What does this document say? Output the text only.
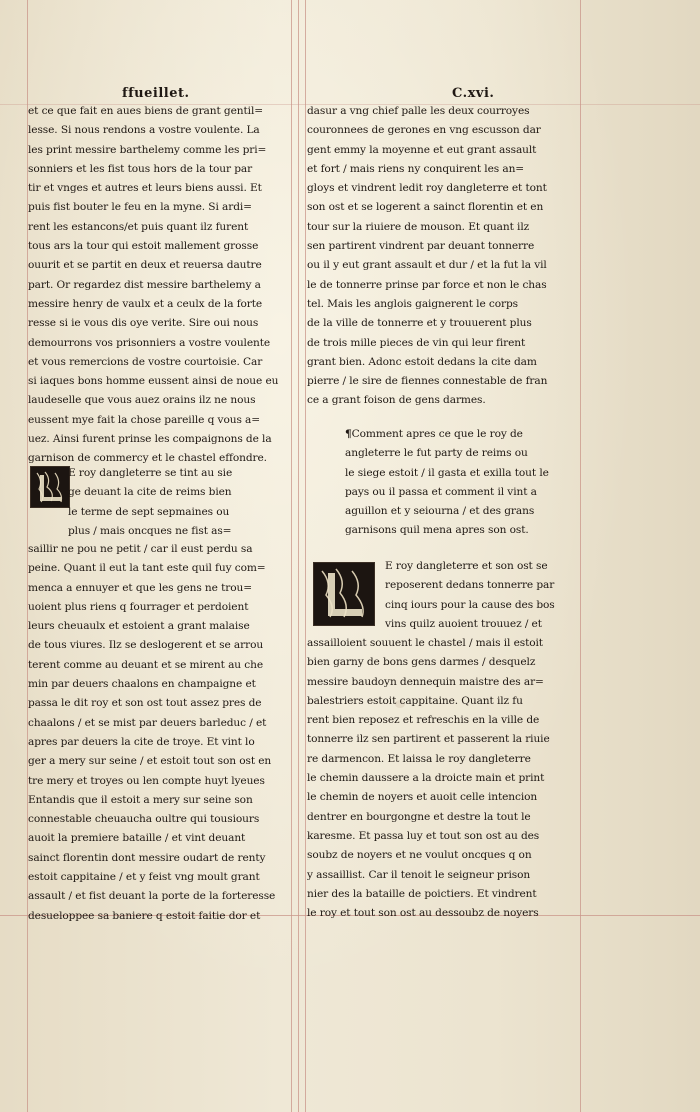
ffueillet.	C.xvi.
et ce que fait en aues biens de grant gentil=
lesse. Si nous rendons a vostre voulente. La
les print messire barthelemy comme les pri=
sonniers et les fist tous hors de la tour par
tir et vnges et autres et leurs biens aussi. Et
puis fist bouter le feu en la myne. Si ardi=
rent les estancons/et puis quant ilz furent
tous ars la tour qui estoit mallement grosse
ouurit et se partit en deux et reuersa dautre
part. Or regardez dist messire barthelemy a
messire henry de vaulx et a ceulx de la forte
resse si ie vous dis oye verite. Sire oui nous
demourrons vos prisonniers a vostre voulente
et vous remercions de vostre courtoisie. Car
si iaques bons homme eussent ainsi de noue eu
laudeselle que vous auez orains ilz ne nous
eussent mye fait la chose pareille q vous a=
uez. Ainsi furent prinse les compaignons de la
garnison de commercy et le chastel effondre.
E roy dangleterre se tint au sie
ge deuant la cite de reims bien
le terme de sept sepmaines ou
plus / mais oncques ne fist as=
saillir ne pou ne petit / car il eust perdu sa
peine. Quant il eut la tant este quil fuy com=
menca a ennuyer et que les gens ne trou=
uoient plus riens q fourrager et perdoient
leurs cheuaulx et estoient a grant malaise
de tous viures. Ilz se deslogerent et se arrou
terent comme au deuant et se mirent au che
min par deuers chaalons en champaigne et
passa le dit roy et son ost tout assez pres de
chaalons / et se mist par deuers barleduc / et
apres par deuers la cite de troye. Et vint lo
ger a mery sur seine / et estoit tout son ost en
tre mery et troyes ou len compte huyt lyeues
Entandis que il estoit a mery sur seine son
connestable cheuaucha oultre qui tousiours
auoit la premiere bataille / et vint deuant
sainct florentin dont messire oudart de renty
estoit cappitaine / et y feist vng moult grant
assault / et fist deuant la porte de la forteresse
desueloppee sa baniere q estoit faitie dor et
dasur a vng chief palle les deux courroyes
couronnees de gerones en vng escusson dar
gent emmy la moyenne et eut grant assault
et fort / mais riens ny conquirent les an=
gloys et vindrent ledit roy dangleterre et tont
son ost et se logerent a sainct florentin et en
tour sur la riuiere de mouson. Et quant ilz
sen partirent vindrent par deuant tonnerre
ou il y eut grant assault et dur / et la fut la vil
le de tonnerre prinse par force et non le chas
tel. Mais les anglois gaignerent le corps
de la ville de tonnerre et y trouuerent plus
de trois mille pieces de vin qui leur firent
grant bien. Adonc estoit dedans la cite dam
pierre / le sire de fiennes connestable de fran
ce a grant foison de gens darmes.
¶Comment apres ce que le roy de
angleterre le fut party de reims ou
le siege estoit / il gasta et exilla tout le
pays ou il passa et comment il vint a
aguillon et y seiourna / et des grans
garnisons quil mena apres son ost.
E roy dangleterre et son ost se
reposerent dedans tonnerre par
cinq iours pour la cause des bos
vins quilz auoient trouuez / et
assailloient souuent le chastel / mais il estoit
bien garny de bons gens darmes / desquelz
messire baudoyn dennequin maistre des ar=
balestriers estoit cappitaine. Quant ilz fu
rent bien reposez et refreschis en la ville de
tonnerre ilz sen partirent et passerent la riuie
re darmencon. Et laissa le roy dangleterre
le chemin daussere a la droicte main et print
le chemin de noyers et auoit celle intencion
dentrer en bourgongne et destre la tout le
karesme. Et passa luy et tout son ost au des
soubz de noyers et ne voulut oncques q on
y assaillist. Car il tenoit le seigneur prison
nier des la bataille de poictiers. Et vindrent
le roy et tout son ost au dessoubz de noyers
